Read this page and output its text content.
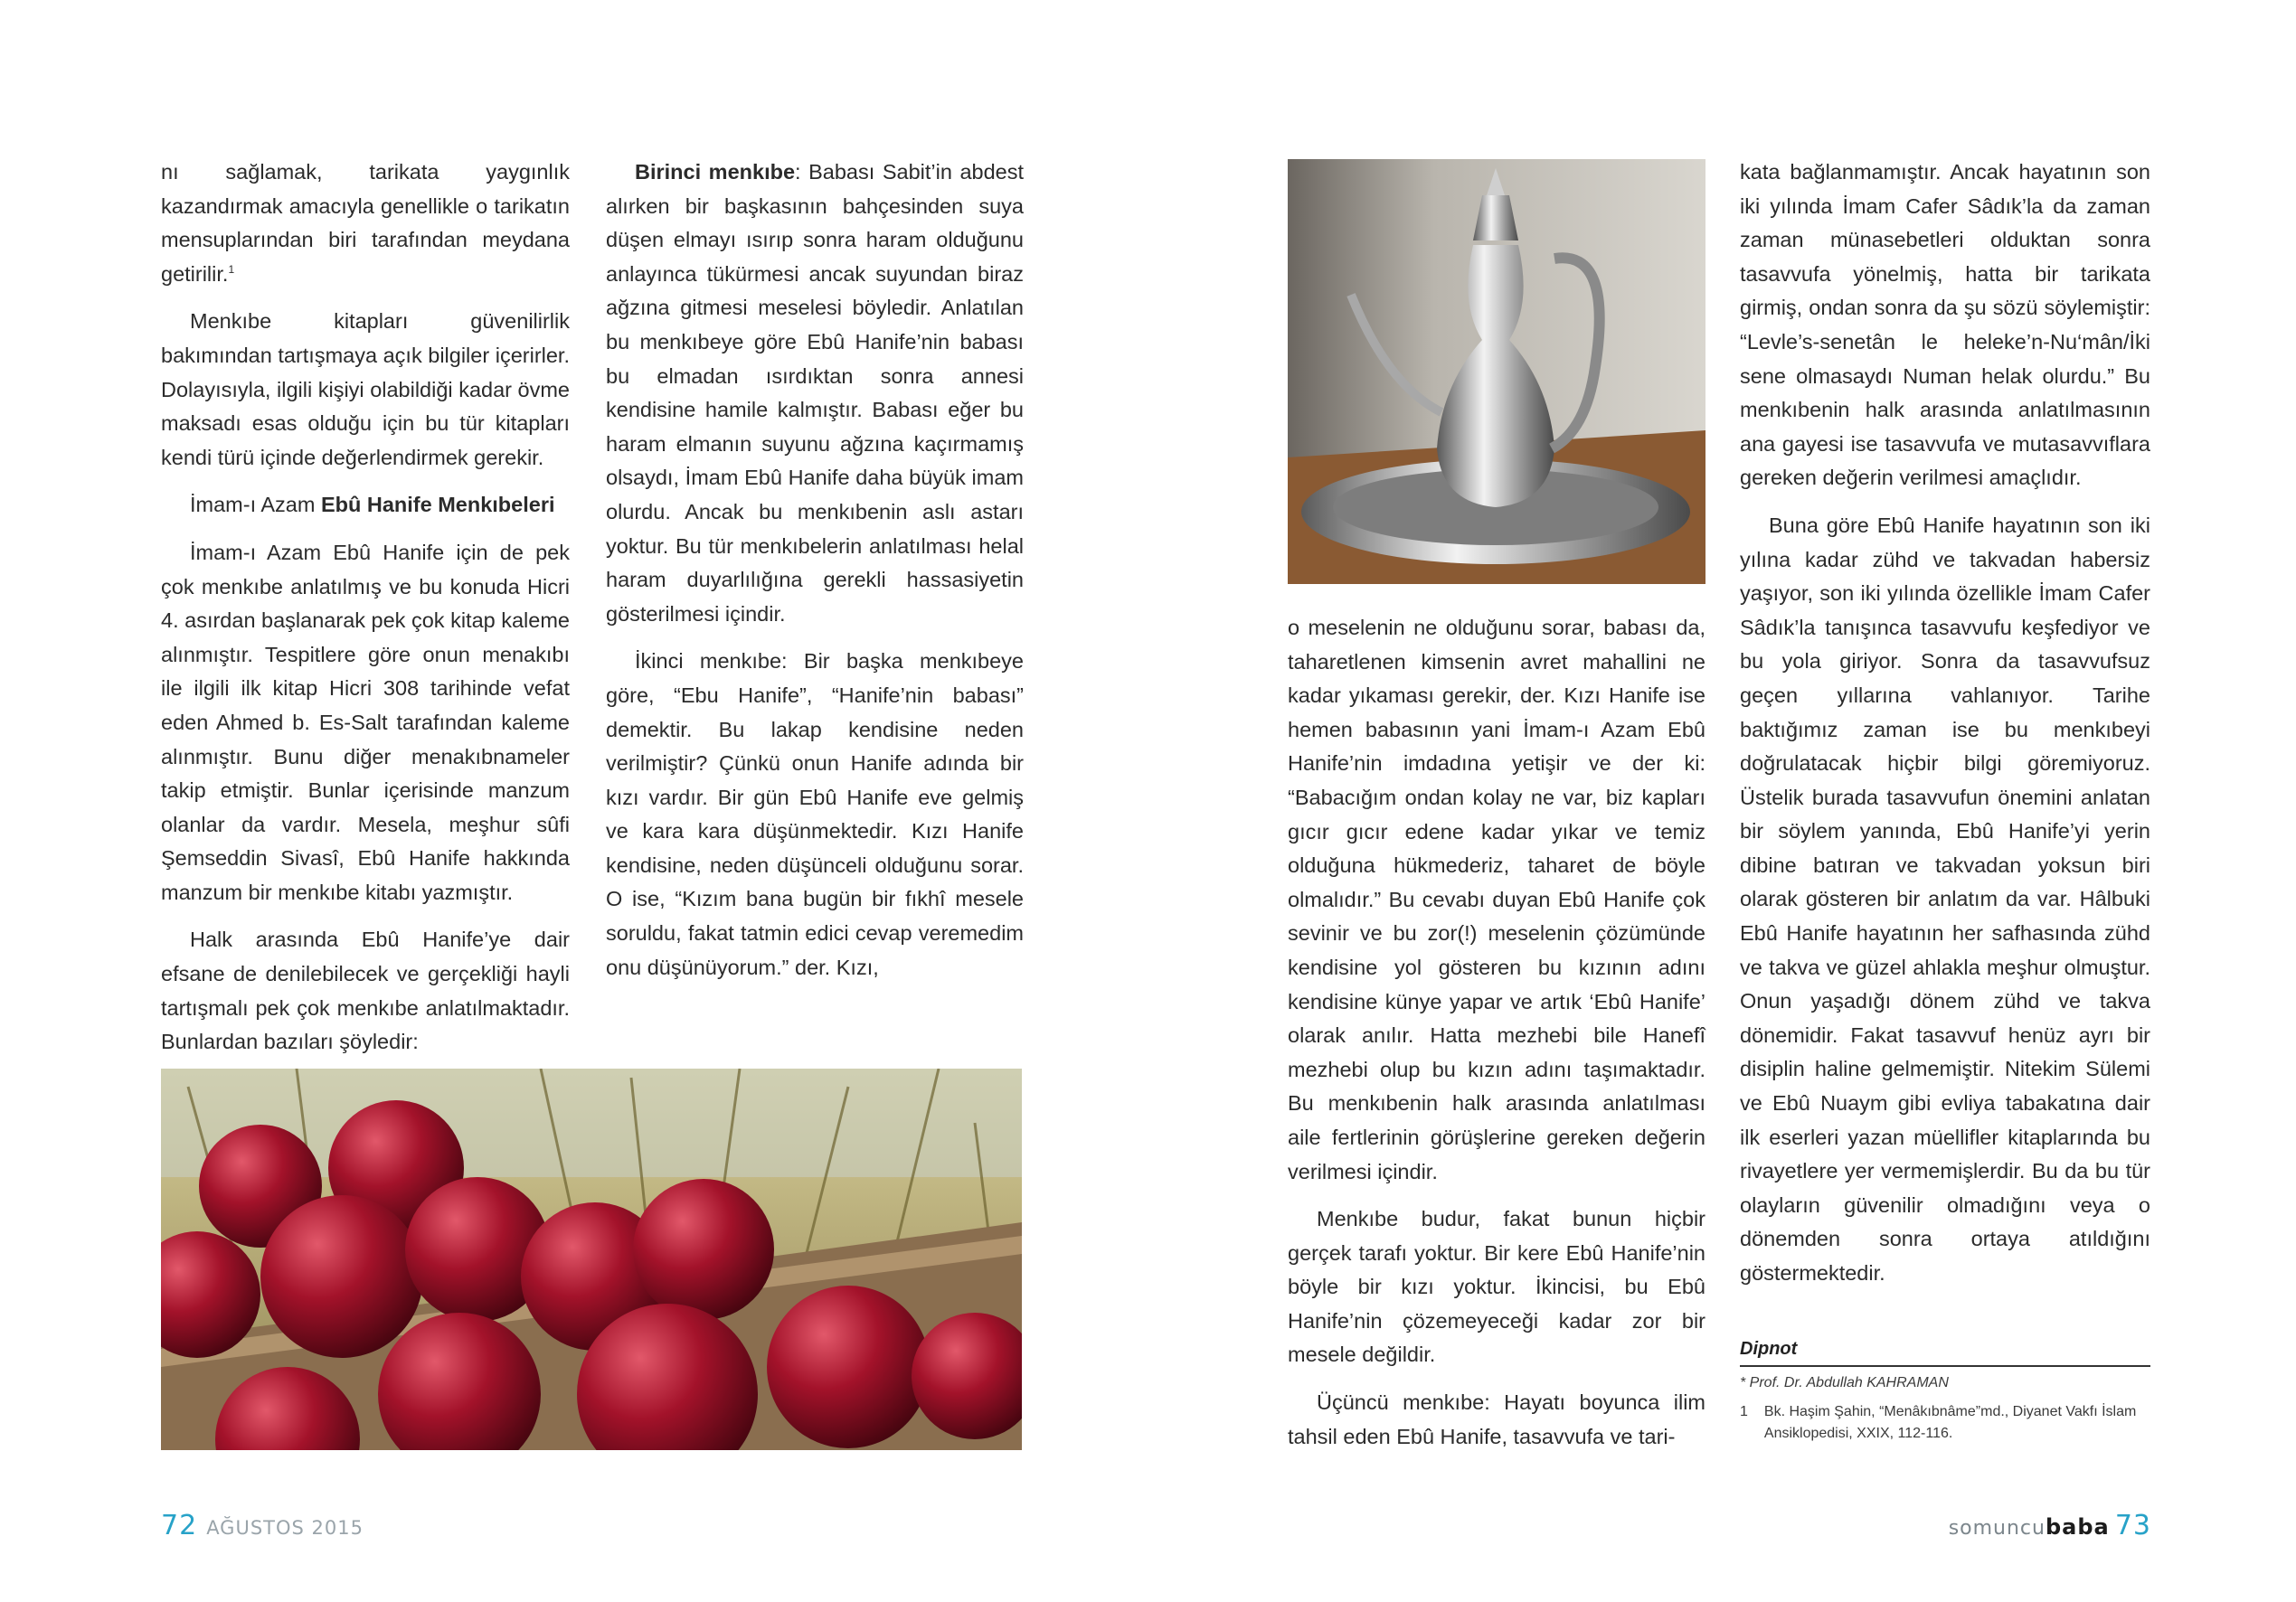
nı sağlamak, tarikata yaygınlık kazandırmak amacıyla genellikle o tarikatın mensuplarından biri tarafından meydana getirilir.$^1$

Menkıbe kitapları güvenilirlik bakımından tartışmaya açık bilgiler içerirler. Dolayısıyla, ilgili kişiyi olabildiği kadar övme maksadı esas olduğu için bu tür kitapları kendi türü içinde değerlendirmek gerekir.

İmam-ı Azam Ebû Hanife Menkıbeleri

İmam-ı Azam Ebû Hanife için de pek çok menkıbe anlatılmış ve bu konuda Hicri 4. asırdan başlanarak pek çok kitap kaleme alınmıştır. Tespitlere göre onun menakıbı ile ilgili ilk kitap Hicri 308 tarihinde vefat eden Ahmed b. Es-Salt tarafından kaleme alınmıştır. Bunu diğer menakıbnameler takip etmiştir. Bunlar içerisinde manzum olanlar da vardır. Mesela, meşhur sûfi Şemseddin Sivasî, Ebû Hanife hakkında manzum bir menkıbe kitabı yazmıştır.

Halk arasında Ebû Hanife’ye dair efsane de denilebilecek ve gerçekliği hayli tartışmalı pek çok menkıbe anlatılmaktadır. Bunlardan bazıları şöyledir:

Birinci menkıbe: Babası Sabit’in abdest alırken bir başkasının bahçesinden suya düşen elmayı ısırıp sonra haram olduğunu anlayınca tükürmesi ancak suyundan biraz ağzına gitmesi meselesi böyledir. Anlatılan bu menkıbeye göre Ebû Hanife’nin babası bu elmadan ısırdıktan sonra annesi kendisine hamile kalmıştır. Babası eğer bu haram elmanın suyunu ağzına kaçırmamış olsaydı, İmam Ebû Hanife daha büyük imam olurdu. Ancak bu menkıbenin aslı astarı yoktur. Bu tür menkıbelerin anlatılması helal haram duyarlılığına gerekli hassasiyetin gösterilmesi içindir.

İkinci menkıbe: Bir başka menkıbeye göre, “Ebu Hanife”, “Hanife’nin babası” demektir. Bu lakap kendisine neden verilmiştir? Çünkü onun Hanife adında bir kızı vardır. Bir gün Ebû Hanife eve gelmiş ve kara kara düşünmektedir. Kızı Hanife kendisine, neden düşünceli olduğunu sorar. O ise, “Kızım bana bugün bir fıkhî mesele soruldu, fakat tatmin edici cevap veremedim onu düşünüyorum.” der. Kızı,

72 AĞUSTOS 2015

o meselenin ne olduğunu sorar, babası da, taharetlenen kimsenin avret mahallini ne kadar yıkaması gerekir, der. Kızı Hanife ise hemen babasının yani İmam-ı Azam Ebû Hanife’nin imdadına yetişir ve der ki: “Babacığım ondan kolay ne var, biz kapları gıcır gıcır edene kadar yıkar ve temiz olduğuna hükmederiz, taharet de böyle olmalıdır.” Bu cevabı duyan Ebû Hanife çok sevinir ve bu zor(!) meselenin çözümünde kendisine yol gösteren bu kızının adını kendisine künye yapar ve artık ‘Ebû Hanife’ olarak anılır. Hatta mezhebi bile Hanefî mezhebi olup bu kızın adını taşımaktadır. Bu menkıbenin halk arasında anlatılması aile fertlerinin görüşlerine gereken değerin verilmesi içindir.

Menkıbe budur, fakat bunun hiçbir gerçek tarafı yoktur. Bir kere Ebû Hanife’nin böyle bir kızı yoktur. İkincisi, bu Ebû Hanife’nin çözemeyeceği kadar zor bir mesele değildir.

Üçüncü menkıbe: Hayatı boyunca ilim tahsil eden Ebû Hanife, tasavvufa ve tari-

kata bağlanmamıştır. Ancak hayatının son iki yılında İmam Cafer Sâdık’la da zaman zaman münasebetleri olduktan sonra tasavvufa yönelmiş, hatta bir tarikata girmiş, ondan sonra da şu sözü söylemiştir: “Levle’s-senetân le heleke’n-Nu‘mân/İki sene olmasaydı Numan helak olurdu.” Bu menkıbenin halk arasında anlatılmasının ana gayesi ise tasavvufa ve mutasavvıflara gereken değerin verilmesi amaçlıdır.

Buna göre Ebû Hanife hayatının son iki yılına kadar zühd ve takvadan habersiz yaşıyor, son iki yılında özellikle İmam Cafer Sâdık’la tanışınca tasavvufu keşfediyor ve bu yola giriyor. Sonra da tasavvufsuz geçen yıllarına vahlanıyor. Tarihe baktığımız zaman ise bu menkıbeyi doğrulatacak hiçbir bilgi göremiyoruz. Üstelik burada tasavvufun önemini anlatan bir söylem yanında, Ebû Hanife’yi yerin dibine batıran ve takvadan yoksun biri olarak gösteren bir anlatım da var. Hâlbuki Ebû Hanife hayatının her safhasında zühd ve takva ve güzel ahlakla meşhur olmuştur. Onun yaşadığı dönem zühd ve takva dönemidir. Fakat tasavvuf henüz ayrı bir disiplin haline gelmemiştir. Nitekim Sülemi ve Ebû Nuaym gibi evliya tabakatına dair ilk eserleri yazan müellifler kitaplarında bu rivayetlere yer vermemişlerdir. Bu da bu tür olayların güvenilir olmadığını veya o dönemden sonra ortaya atıldığını göstermektedir.

Dipnot
* Prof. Dr. Abdullah KAHRAMAN
1 Bk. Haşim Şahin, “Menâkıbnâme”md., Diyanet Vakfı İslam Ansiklopedisi, XXIX, 112-116.
somuncubaba 73
